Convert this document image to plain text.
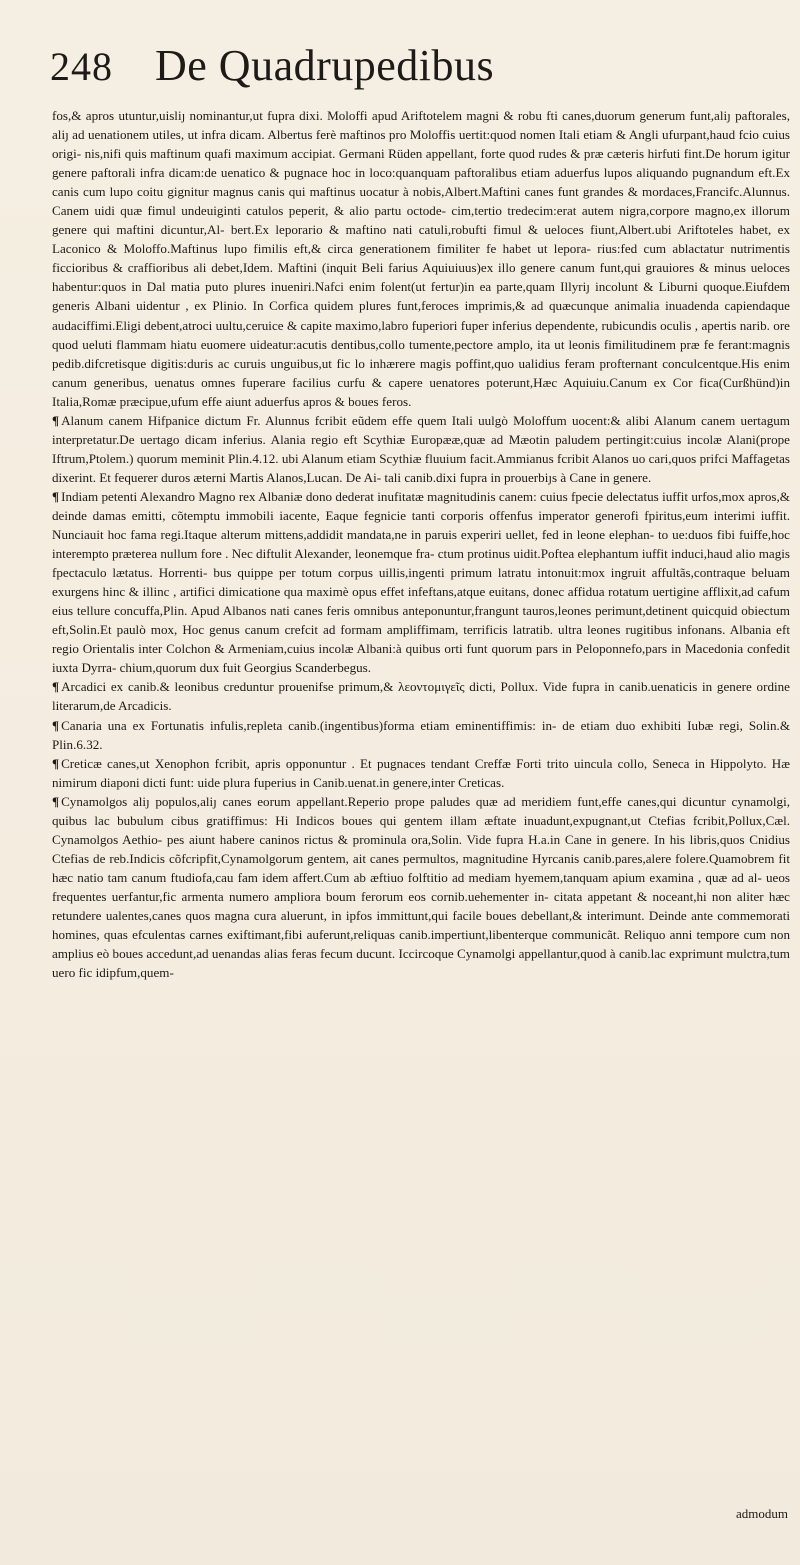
248 De Quadrupedibus

fos,& apros utuntur,uisliȷ nominantur,ut fupra dixi. Moloffi apud Ariftotelem magni & robu fti canes,duorum generum funt,aliȷ paftorales, aliȷ ad uenationem utiles, ut infra dicam. Albertus ferè maftinos pro Moloffis uertit:quod nomen Itali etiam & Angli ufurpant,haud fcio cuius origi- nis,nifi quis maftinum quafi maximum accipiat. Germani Rüden appellant, forte quod rudes & præ cæteris hirfuti fint.De horum igitur genere paftorali infra dicam:de uenatico & pugnace hoc in loco:quanquam paftoralibus etiam aduerfus lupos aliquando pugnandum eft.Ex canis cum lupo coitu gignitur magnus canis qui maftinus uocatur à nobis,Albert.Maftini canes funt grandes & mordaces,Francifc.Alunnus. Canem uidi quæ fimul undeuiginti catulos peperit, & alio partu octode- cim,tertio tredecim:erat autem nigra,corpore magno,ex illorum genere qui maftini dicuntur,Al- bert.Ex leporario & maftino nati catuli,robufti fimul & ueloces fiunt,Albert.ubi Ariftoteles habet, ex Laconico & Moloffo.Maftinus lupo fimilis eft,& circa generationem fimiliter fe habet ut lepora- rius:fed cum ablactatur nutrimentis ficcioribus & craffioribus ali debet,Idem. Maftini (inquit Beli farius Aquiuiuus)ex illo genere canum funt,qui grauiores & minus ueloces habentur:quos in Dal matia puto plures inueniri.Nafci enim folent(ut fertur)in ea parte,quam Illyriȷ incolunt & Liburni quoque.Eiufdem generis Albani uidentur , ex Plinio. In Corfica quidem plures funt,feroces imprimis,& ad quæcunque animalia inuadenda capiendaque audaciffimi.Eligi debent,atroci uultu,ceruice & capite maximo,labro fuperiori fuper inferius dependente, rubicundis oculis , apertis narib. ore quod ueluti flammam hiatu euomere uideatur:acutis dentibus,collo tumente,pectore amplo, ita ut leonis fimilitudinem præ fe ferant:magnis pedib.difcretisque digitis:duris ac curuis unguibus,ut fic lo inhærere magis poffint,quo ualidius feram profternant conculcentque.His enim canum generibus, uenatus omnes fuperare facilius curfu & capere uenatores poterunt,Hæc Aquiuiu.Canum ex Cor fica(Curßhünd)in Italia,Romæ præcipue,ufum effe aiunt aduerfus apros & boues feros.

¶ Alanum canem Hifpanice dictum Fr. Alunnus fcribit eũdem effe quem Itali uulgò Moloffum uocent:& alibi Alanum canem uertagum interpretatur.De uertago dicam inferius. Alania regio eft Scythiæ Europææ,quæ ad Mæotin paludem pertingit:cuius incolæ Alani(prope Iftrum,Ptolem.) quorum meminit Plin.4.12. ubi Alanum etiam Scythiæ fluuium facit.Ammianus fcribit Alanos uo cari,quos prifci Maffagetas dixerint. Et fequerer duros æterni Martis Alanos,Lucan. De Ai- tali canib.dixi fupra in prouerbiȷs à Cane in genere.

¶ Indiam petenti Alexandro Magno rex Albaniæ dono dederat inufitatæ magnitudinis canem: cuius fpecie delectatus iuffit urfos,mox apros,& deinde damas emitti, cõtemptu immobili iacente, Eaque fegnicie tanti corporis offenfus imperator generofi fpiritus,eum interimi iuffit. Nunciauit hoc fama regi.Itaque alterum mittens,addidit mandata,ne in paruis experiri uellet, fed in leone elephan- to ue:duos fibi fuiffe,hoc interempto præterea nullum fore . Nec diftulit Alexander, leonemque fra- ctum protinus uidit.Poftea elephantum iuffit induci,haud alio magis fpectaculo lætatus. Horrenti- bus quippe per totum corpus uillis,ingenti primum latratu intonuit:mox ingruit affultãs,contraque beluam exurgens hinc & illinc , artifici dimicatione qua maximè opus effet infeftans,atque euitans, donec affidua rotatum uertigine afflixit,ad cafum eius tellure concuffa,Plin. Apud Albanos nati canes feris omnibus anteponuntur,frangunt tauros,leones perimunt,detinent quicquid obiectum eft,Solin.Et paulò mox, Hoc genus canum crefcit ad formam ampliffimam, terrificis latratib. ultra leones rugitibus infonans. Albania eft regio Orientalis inter Colchon & Armeniam,cuius incolæ Albani:à quibus orti funt quorum pars in Peloponnefo,pars in Macedonia confedit iuxta Dyrra- chium,quorum dux fuit Georgius Scanderbegus.

¶ Arcadici ex canib.& leonibus creduntur prouenifse primum,& λεοντομιγεῖς dicti, Pollux. Vide fupra in canib.uenaticis in genere ordine literarum,de Arcadicis.

¶ Canaria una ex Fortunatis infulis,repleta canib.(ingentibus)forma etiam eminentiffimis: in- de etiam duo exhibiti Iubæ regi, Solin.& Plin.6.32.

¶ Creticæ canes,ut Xenophon fcribit, apris opponuntur . Et pugnaces tendant Creffæ Forti trito uincula collo, Seneca in Hippolyto. Hæ nimirum diaponi dicti funt: uide plura fuperius in Canib.uenat.in genere,inter Creticas.

¶ Cynamolgos aliȷ populos,aliȷ canes eorum appellant.Reperio prope paludes quæ ad meridiem funt,effe canes,qui dicuntur cynamolgi, quibus lac bubulum cibus gratiffimus: Hi Indicos boues qui gentem illam æftate inuadunt,expugnant,ut Ctefias fcribit,Pollux,Cæl. Cynamolgos Aethio- pes aiunt habere caninos rictus & prominula ora,Solin. Vide fupra H.a.in Cane in genere. In his libris,quos Cnidius Ctefias de reb.Indicis cõfcripfit,Cynamolgorum gentem, ait canes permultos, magnitudine Hyrcanis canib.pares,alere folere.Quamobrem fit hæc natio tam canum ftudiofa,cau fam idem affert.Cum ab æftiuo folftitio ad mediam hyemem,tanquam apium examina , quæ ad al- ueos frequentes uerfantur,fic armenta numero ampliora boum ferorum eos cornib.uehementer in- citata appetant & noceant,hi non aliter hæc retundere ualentes,canes quos magna cura aluerunt, in ipfos immittunt,qui facile boues debellant,& interimunt. Deinde ante commemorati homines, quas efculentas carnes exiftimant,fibi auferunt,reliquas canib.impertiunt,libenterque communicãt. Reliquo anni tempore cum non amplius eò boues accedunt,ad uenandas alias feras fecum ducunt. Iccircoque Cynamolgi appellantur,quod à canib.lac exprimunt mulctra,tum uero fic idipfum,quem-

admodum
